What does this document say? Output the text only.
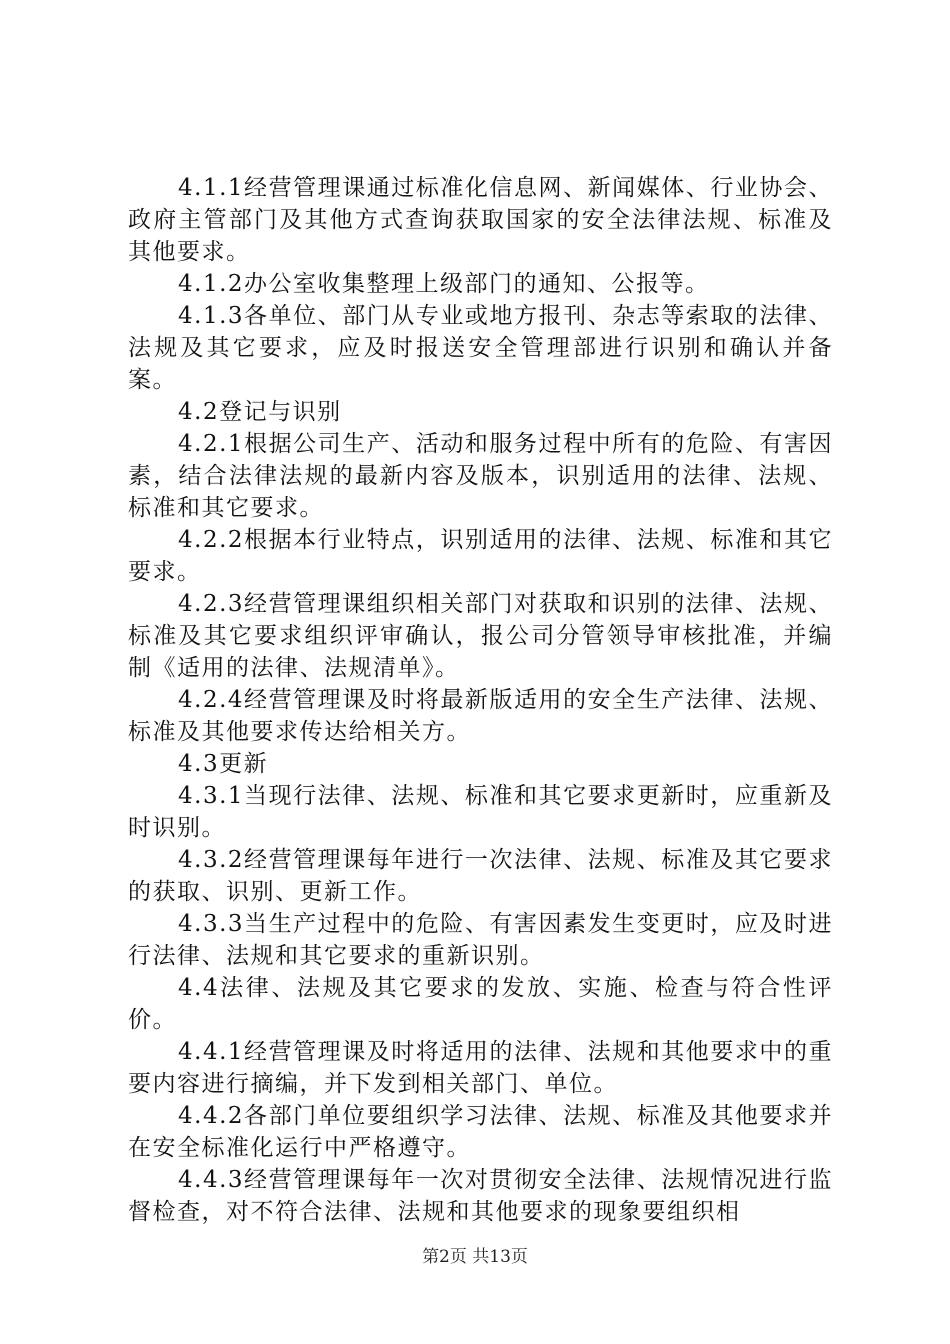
4.1.1经营管理课通过标准化信息网、新闻媒体、行业协会、政府主管部门及其他方式查询获取国家的安全法律法规、标准及其他要求。

4.1.2办公室收集整理上级部门的通知、公报等。

4.1.3各单位、部门从专业或地方报刊、杂志等索取的法律、法规及其它要求，应及时报送安全管理部进行识别和确认并备案。

4.2登记与识别

4.2.1根据公司生产、活动和服务过程中所有的危险、有害因素，结合法律法规的最新内容及版本，识别适用的法律、法规、标准和其它要求。

4.2.2根据本行业特点，识别适用的法律、法规、标准和其它要求。

4.2.3经营管理课组织相关部门对获取和识别的法律、法规、标准及其它要求组织评审确认，报公司分管领导审核批准，并编制《适用的法律、法规清单》。

4.2.4经营管理课及时将最新版适用的安全生产法律、法规、标准及其他要求传达给相关方。

4.3更新

4.3.1当现行法律、法规、标准和其它要求更新时，应重新及时识别。

4.3.2经营管理课每年进行一次法律、法规、标准及其它要求的获取、识别、更新工作。

4.3.3当生产过程中的危险、有害因素发生变更时，应及时进行法律、法规和其它要求的重新识别。

4.4法律、法规及其它要求的发放、实施、检查与符合性评价。

4.4.1经营管理课及时将适用的法律、法规和其他要求中的重要内容进行摘编，并下发到相关部门、单位。

4.4.2各部门单位要组织学习法律、法规、标准及其他要求并在安全标准化运行中严格遵守。

4.4.3经营管理课每年一次对贯彻安全法律、法规情况进行监督检查，对不符合法律、法规和其他要求的现象要组织相

第2页 共13页
